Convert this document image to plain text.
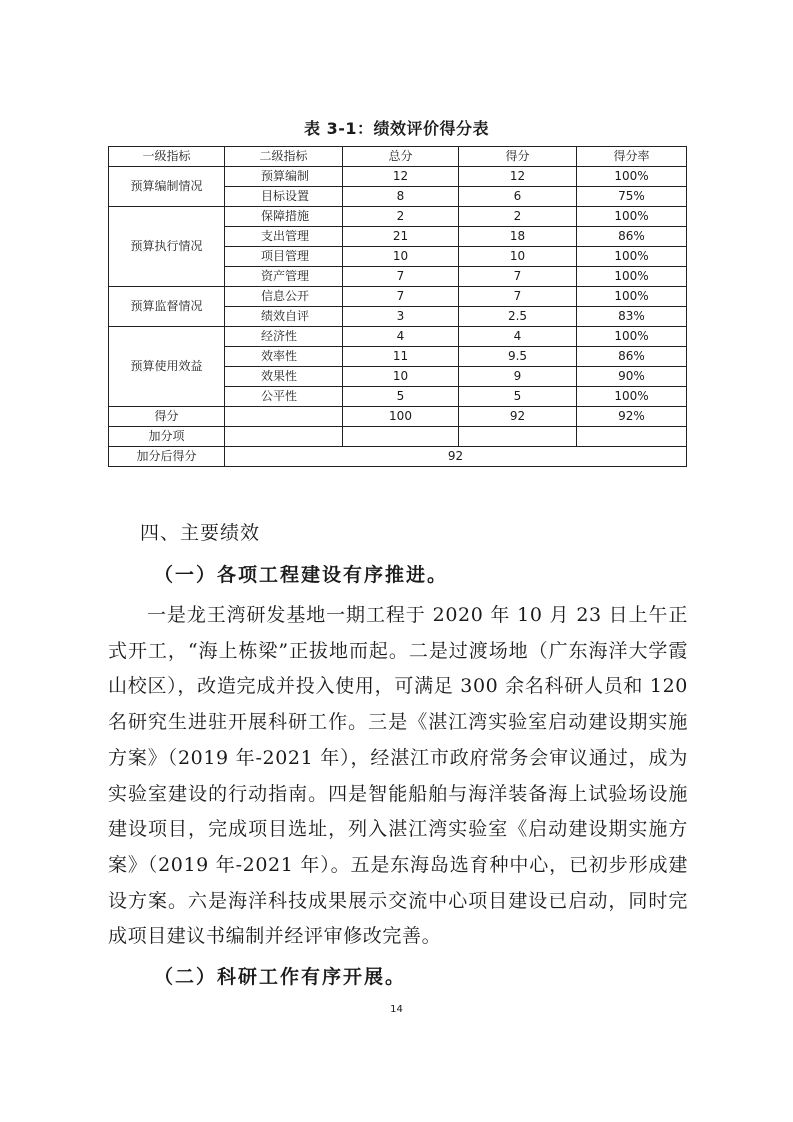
表 3-1：绩效评价得分表
一级指标	二级指标	总分	得分	得分率
预算编制情况	预算编制	12	12	100%
	目标设置	8	6	75%
预算执行情况	保障措施	2	2	100%
	支出管理	21	18	86%
	项目管理	10	10	100%
	资产管理	7	7	100%
预算监督情况	信息公开	7	7	100%
	绩效自评	3	2.5	83%
预算使用效益	经济性	4	4	100%
	效率性	11	9.5	86%
	效果性	10	9	90%
	公平性	5	5	100%
得分		100	92	92%
加分项				
加分后得分	92			
四、主要绩效
（一）各项工程建设有序推进。

一是龙王湾研发基地一期工程于 2020 年 10 月 23 日上午正式开工，“海上栋梁”正拔地而起。二是过渡场地（广东海洋大学霞山校区），改造完成并投入使用，可满足 300 余名科研人员和 120 名研究生进驻开展科研工作。三是《湛江湾实验室启动建设期实施方案》（2019 年-2021 年），经湛江市政府常务会审议通过，成为实验室建设的行动指南。四是智能船舶与海洋装备海上试验场设施建设项目，完成项目选址，列入湛江湾实验室《启动建设期实施方案》（2019 年-2021 年）。五是东海岛选育种中心，已初步形成建设方案。六是海洋科技成果展示交流中心项目建设已启动，同时完成项目建议书编制并经评审修改完善。

（二）科研工作有序开展。
14
